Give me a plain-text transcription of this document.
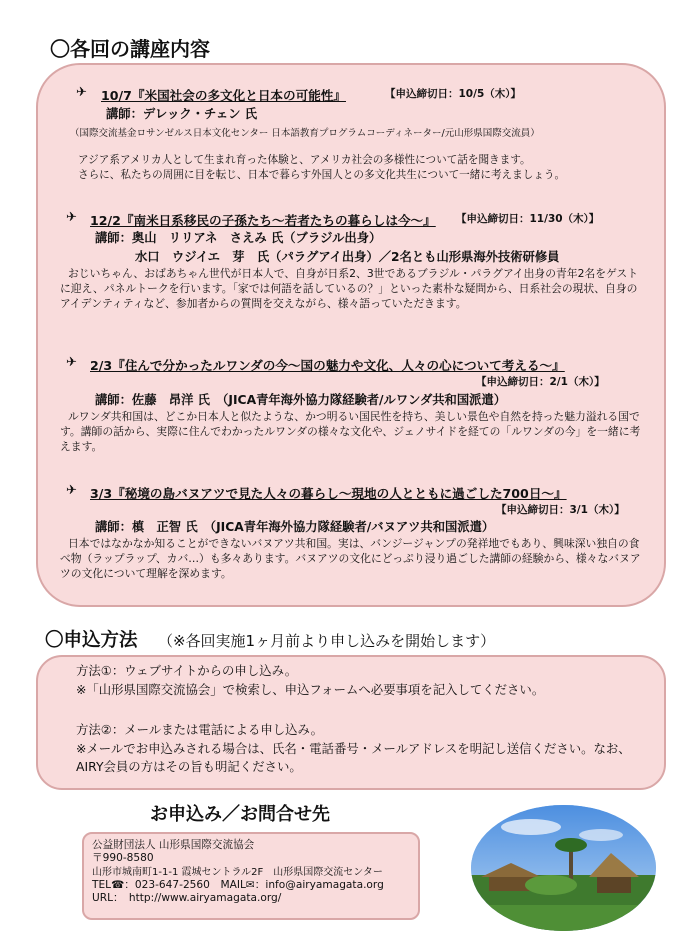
〇各回の講座内容
✈ 10/7『米国社会の多文化と日本の可能性』	【申込締切日：10/5（木）】
講師：デレック・チェン 氏
（国際交流基金ロサンゼルス日本文化センター 日本語教育プログラムコーディネーター/元山形県国際交流員）
アジア系アメリカ人として生まれ育った体験と、アメリカ社会の多様性について話を聞きます。
さらに、私たちの周囲に目を転じ、日本で暮らす外国人との多文化共生について一緒に考えましょう。
✈ 12/2『南米日系移民の子孫たち～若者たちの暮らしは今～』 【申込締切日：11/30（木）】
講師：奥山　リリアネ　さえみ 氏（ブラジル出身）
水口　ウジイエ　芽　氏（パラグアイ出身）／2名とも山形県海外技術研修員
おじいちゃん、おばあちゃん世代が日本人で、自身が日系2、3世であるブラジル・パラグアイ出身の青年2名をゲストに迎え、パネルトークを行います。「家では何語を話しているの？」といった素朴な疑問から、日系社会の現状、自身のアイデンティティなど、参加者からの質問を交えながら、様々語っていただきます。
✈ 2/3『住んで分かったルワンダの今～国の魅力や文化、人々の心について考える～』
【申込締切日：2/1（木）】
講師：佐藤　昂洋 氏　（JICA青年海外協力隊経験者/ルワンダ共和国派遣）
ルワンダ共和国は、どこか日本人と似たような、かつ明るい国民性を持ち、美しい景色や自然を持った魅力溢れる国です。講師の話から、実際に住んでわかったルワンダの様々な文化や、ジェノサイドを経ての「ルワンダの今」を一緒に考えます。
✈ 3/3『秘境の島バヌアツで見た人々の暮らし～現地の人とともに過ごした700日～』
【申込締切日：3/1（木）】
講師：槙　正智 氏　（JICA青年海外協力隊経験者/バヌアツ共和国派遣）
日本ではなかなか知ることができないバヌアツ共和国。実は、バンジージャンプの発祥地でもあり、興味深い独自の食べ物（ラップラップ、カバ…）も多々あります。バヌアツの文化にどっぷり浸り過ごした講師の経験から、様々なバヌアツの文化について理解を深めます。
〇申込方法 （※各回実施1ヶ月前より申し込みを開始します）
方法①：ウェブサイトからの申し込み。
※「山形県国際交流協会」で検索し、申込フォームへ必要事項を記入してください。
方法②：メールまたは電話による申し込み。
※メールでお申込みされる場合は、氏名・電話番号・メールアドレスを明記し送信ください。なお、AIRY会員の方はその旨も明記ください。
お申込み／お問合せ先
公益財団法人 山形県国際交流協会
〒990-8580
山形市城南町1-1-1 霞城セントラル2F　山形県国際交流センター
TEL☎：023-647-2560　MAIL✉：info@airyamagata.org
URL：　http://www.airyamagata.org/
